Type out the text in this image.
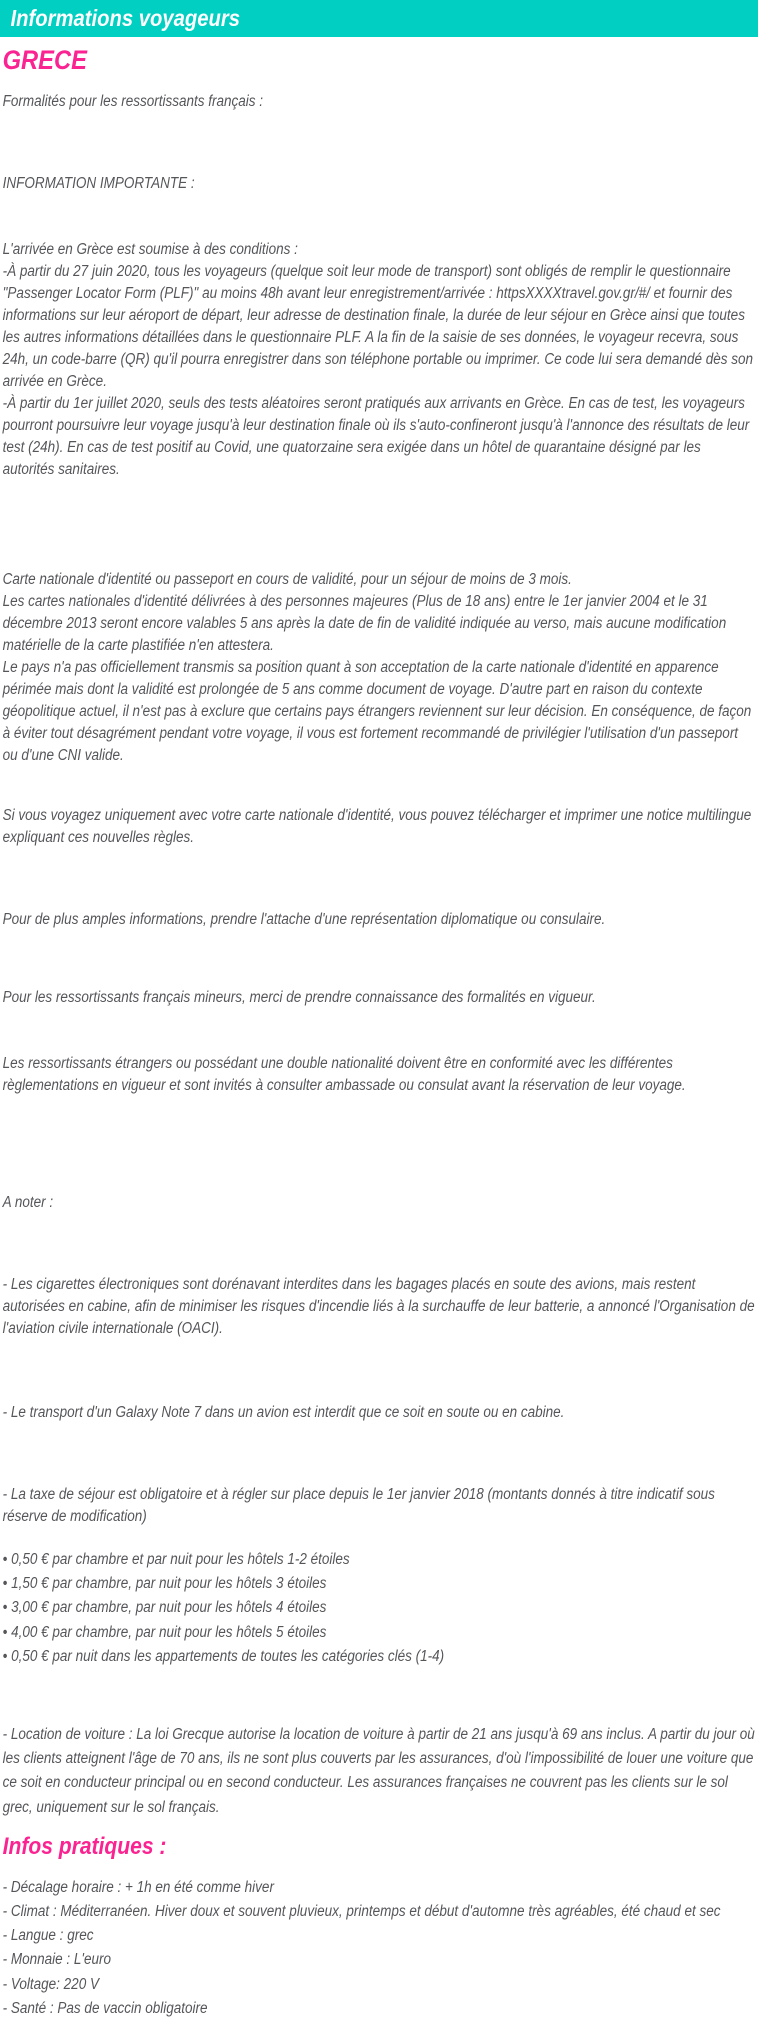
Informations voyageurs
GRECE
Formalités pour les ressortissants français :
INFORMATION IMPORTANTE :
L'arrivée en Grèce est soumise à des conditions :
-À partir du 27 juin 2020, tous les voyageurs (quelque soit leur mode de transport) sont obligés de remplir le questionnaire "Passenger Locator Form (PLF)" au moins 48h avant leur enregistrement/arrivée : httpsXXXXtravel.gov.gr/#/ et fournir des informations sur leur aéroport de départ, leur adresse de destination finale, la durée de leur séjour en Grèce ainsi que toutes les autres informations détaillées dans le questionnaire PLF. A la fin de la saisie de ses données, le voyageur recevra, sous 24h, un code-barre (QR) qu'il pourra enregistrer dans son téléphone portable ou imprimer. Ce code lui sera demandé dès son arrivée en Grèce.
-À partir du 1er juillet 2020, seuls des tests aléatoires seront pratiqués aux arrivants en Grèce. En cas de test, les voyageurs pourront poursuivre leur voyage jusqu'à leur destination finale où ils s'auto-confineront jusqu'à l'annonce des résultats de leur test (24h). En cas de test positif au Covid, une quatorzaine sera exigée dans un hôtel de quarantaine désigné par les autorités sanitaires.
Carte nationale d'identité ou passeport en cours de validité, pour un séjour de moins de 3 mois.
Les cartes nationales d'identité délivrées à des personnes majeures (Plus de 18 ans) entre le 1er janvier 2004 et le 31 décembre 2013 seront encore valables 5 ans après la date de fin de validité indiquée au verso, mais aucune modification matérielle de la carte plastifiée n'en attestera.
Le pays n'a pas officiellement transmis sa position quant à son acceptation de la carte nationale d'identité en apparence périmée mais dont la validité est prolongée de 5 ans comme document de voyage. D'autre part en raison du contexte géopolitique actuel, il n'est pas à exclure que certains pays étrangers reviennent sur leur décision. En conséquence, de façon à éviter tout désagrément pendant votre voyage, il vous est fortement recommandé de privilégier l'utilisation d'un passeport ou d'une CNI valide.
Si vous voyagez uniquement avec votre carte nationale d'identité, vous pouvez télécharger et imprimer une notice multilingue expliquant ces nouvelles règles.
Pour de plus amples informations, prendre l'attache d'une représentation diplomatique ou consulaire.
Pour les ressortissants français mineurs, merci de prendre connaissance des formalités en vigueur.
Les ressortissants étrangers ou possédant une double nationalité doivent être en conformité avec les différentes règlementations en vigueur et sont invités à consulter ambassade ou consulat avant la réservation de leur voyage.
A noter :
- Les cigarettes électroniques sont dorénavant interdites dans les bagages placés en soute des avions, mais restent autorisées en cabine, afin de minimiser les risques d'incendie liés à la surchauffe de leur batterie, a annoncé l'Organisation de l'aviation civile internationale (OACI).
- Le transport d'un Galaxy Note 7 dans un avion est interdit que ce soit en soute ou en cabine.
- La taxe de séjour est obligatoire et à régler sur place depuis le 1er janvier 2018 (montants donnés à titre indicatif sous réserve de modification)
• 0,50 € par chambre et par nuit pour les hôtels 1-2 étoiles
• 1,50 € par chambre, par nuit pour les hôtels 3 étoiles
• 3,00 € par chambre, par nuit pour les hôtels 4 étoiles
• 4,00 € par chambre, par nuit pour les hôtels 5 étoiles
• 0,50 € par nuit dans les appartements de toutes les catégories clés (1-4)
- Location de voiture : La loi Grecque autorise la location de voiture à partir de 21 ans jusqu'à 69 ans inclus. A partir du jour où les clients atteignent l'âge de 70 ans, ils ne sont plus couverts par les assurances, d'où l'impossibilité de louer une voiture que ce soit en conducteur principal ou en second conducteur. Les assurances françaises ne couvrent pas les clients sur le sol grec, uniquement sur le sol français.
Infos pratiques :
- Décalage horaire : + 1h en été comme hiver
- Climat : Méditerranéen. Hiver doux et souvent pluvieux, printemps et début d'automne très agréables, été chaud et sec
- Langue : grec
- Monnaie : L'euro
- Voltage: 220 V
- Santé : Pas de vaccin obligatoire
